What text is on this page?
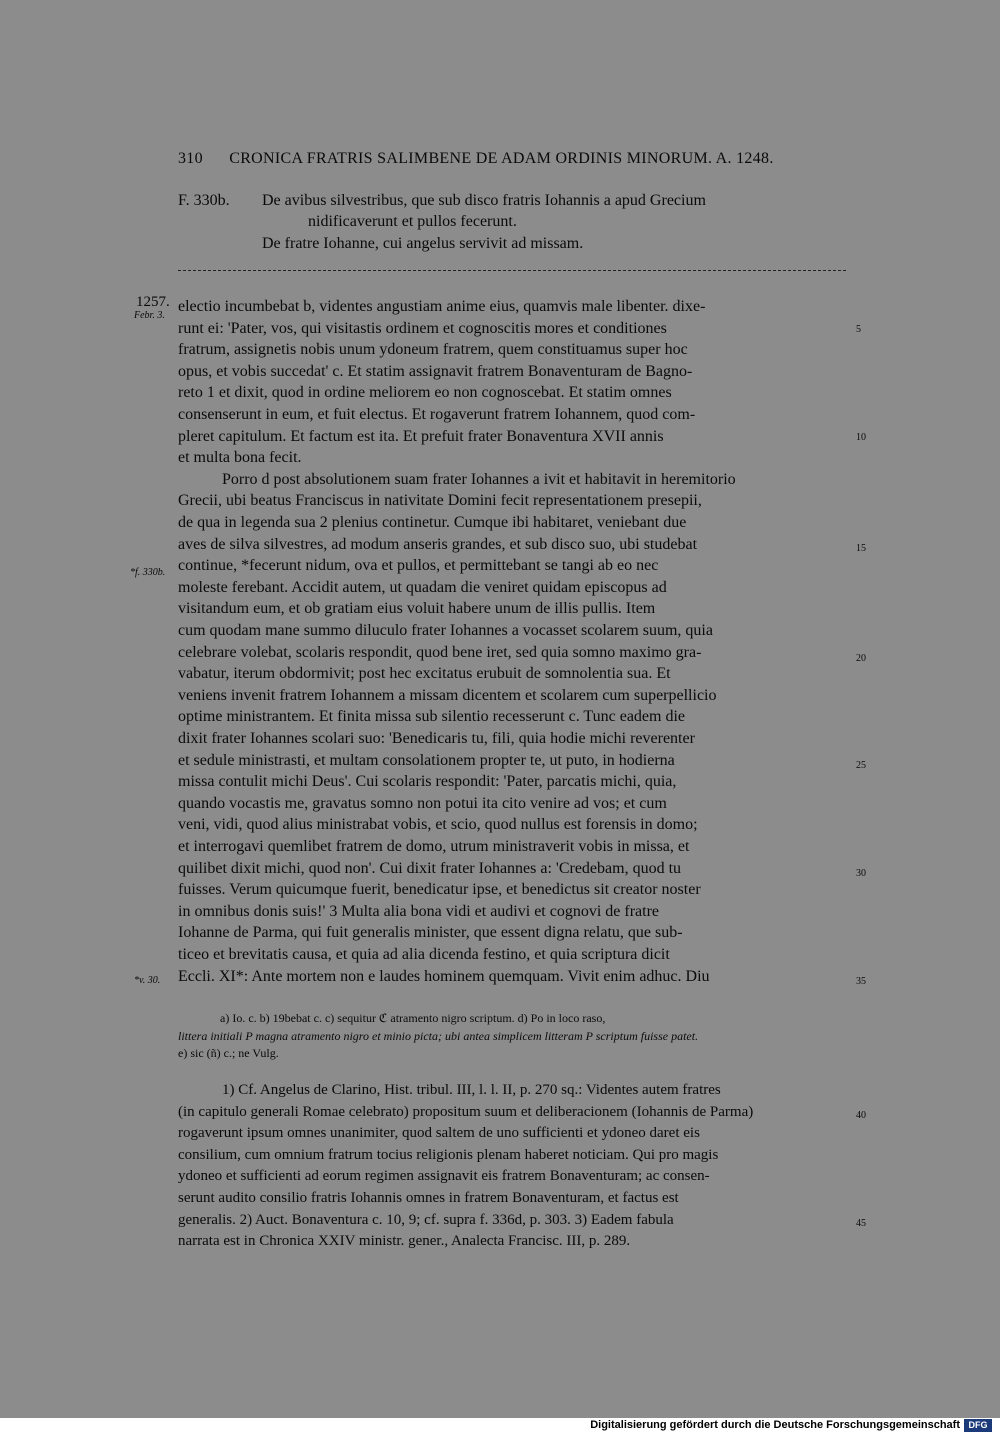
310 CRONICA FRATRIS SALIMBENE DE ADAM ORDINIS MINORUM. A. 1248.
F. 330b. De avibus silvestribus, que sub disco fratris Iohannis a apud Grecium
nidificaverunt et pullos fecerunt.
De fratre Iohanne, cui angelus servivit ad missam.
1257.
Febr. 3.
*f. 330b.
*v. 30.
electio incumbebat b, videntes angustiam anime eius, quamvis male libenter. dixe-
runt ei: 'Pater, vos, qui visitastis ordinem et cognoscitis mores et conditiones
fratrum, assignetis nobis unum ydoneum fratrem, quem constituamus super hoc
opus, et vobis succedat' c. Et statim assignavit fratrem Bonaventuram de Bagno-
reto 1 et dixit, quod in ordine meliorem eo non cognoscebat. Et statim omnes
consenserunt in eum, et fuit electus. Et rogaverunt fratrem Iohannem, quod com-
pleret capitulum. Et factum est ita. Et prefuit frater Bonaventura XVII annis
et multa bona fecit.
Porro d post absolutionem suam frater Iohannes a ivit et habitavit in heremitorio
Grecii, ubi beatus Franciscus in nativitate Domini fecit representationem presepii,
de qua in legenda sua 2 plenius continetur. Cumque ibi habitaret, veniebant due
aves de silva silvestres, ad modum anseris grandes, et sub disco suo, ubi studebat
continue, *fecerunt nidum, ova et pullos, et permittebant se tangi ab eo nec
moleste ferebant. Accidit autem, ut quadam die veniret quidam episcopus ad
visitandum eum, et ob gratiam eius voluit habere unum de illis pullis. Item
cum quodam mane summo diluculo frater Iohannes a vocasset scolarem suum, quia
celebrare volebat, scolaris respondit, quod bene iret, sed quia somno maximo gra-
vabatur, iterum obdormivit; post hec excitatus erubuit de somnolentia sua. Et
veniens invenit fratrem Iohannem a missam dicentem et scolarem cum superpellicio
optime ministrantem. Et finita missa sub silentio recesserunt c. Tunc eadem die
dixit frater Iohannes scolari suo: 'Benedicaris tu, fili, quia hodie michi reverenter
et sedule ministrasti, et multam consolationem propter te, ut puto, in hodierna
missa contulit michi Deus'. Cui scolaris respondit: 'Pater, parcatis michi, quia,
quando vocastis me, gravatus somno non potui ita cito venire ad vos; et cum
veni, vidi, quod alius ministrabat vobis, et scio, quod nullus est forensis in domo;
et interrogavi quemlibet fratrem de domo, utrum ministraverit vobis in missa, et
quilibet dixit michi, quod non'. Cui dixit frater Iohannes a: 'Credebam, quod tu
fuisses. Verum quicumque fuerit, benedicatur ipse, et benedictus sit creator noster
in omnibus donis suis!' 3 Multa alia bona vidi et audivi et cognovi de fratre
Iohanne de Parma, qui fuit generalis minister, que essent digna relatu, que sub-
ticeo et brevitatis causa, et quia ad alia dicenda festino, et quia scriptura dicit
Eccli. XI*: Ante mortem non e laudes hominem quemquam. Vivit enim adhuc. Diu
5
10
15
20
25
30
35
40
45
a) Io. c. b) 19bebat c. c) sequitur ℭ atramento nigro scriptum. d) Po in loco raso,
littera initiali P magna atramento nigro et minio picta; ubi antea simplicem litteram P scriptum fuisse patet.
e) sic (ñ) c.; ne Vulg.
1) Cf. Angelus de Clarino, Hist. tribul. III, l. l. II, p. 270 sq.: Videntes autem fratres
(in capitulo generali Romae celebrato) propositum suum et deliberacionem (Iohannis de Parma)
rogaverunt ipsum omnes unanimiter, quod saltem de uno sufficienti et ydoneo daret eis
consilium, cum omnium fratrum tocius religionis plenam haberet noticiam. Qui pro magis
ydoneo et sufficienti ad eorum regimen assignavit eis fratrem Bonaventuram; ac consen-
serunt audito consilio fratris Iohannis omnes in fratrem Bonaventuram, et factus est
generalis. 2) Auct. Bonaventura c. 10, 9; cf. supra f. 336d, p. 303. 3) Eadem fabula
narrata est in Chronica XXIV ministr. gener., Analecta Francisc. III, p. 289.
Digitalisierung gefördert durch die Deutsche Forschungsgemeinschaft DFG
